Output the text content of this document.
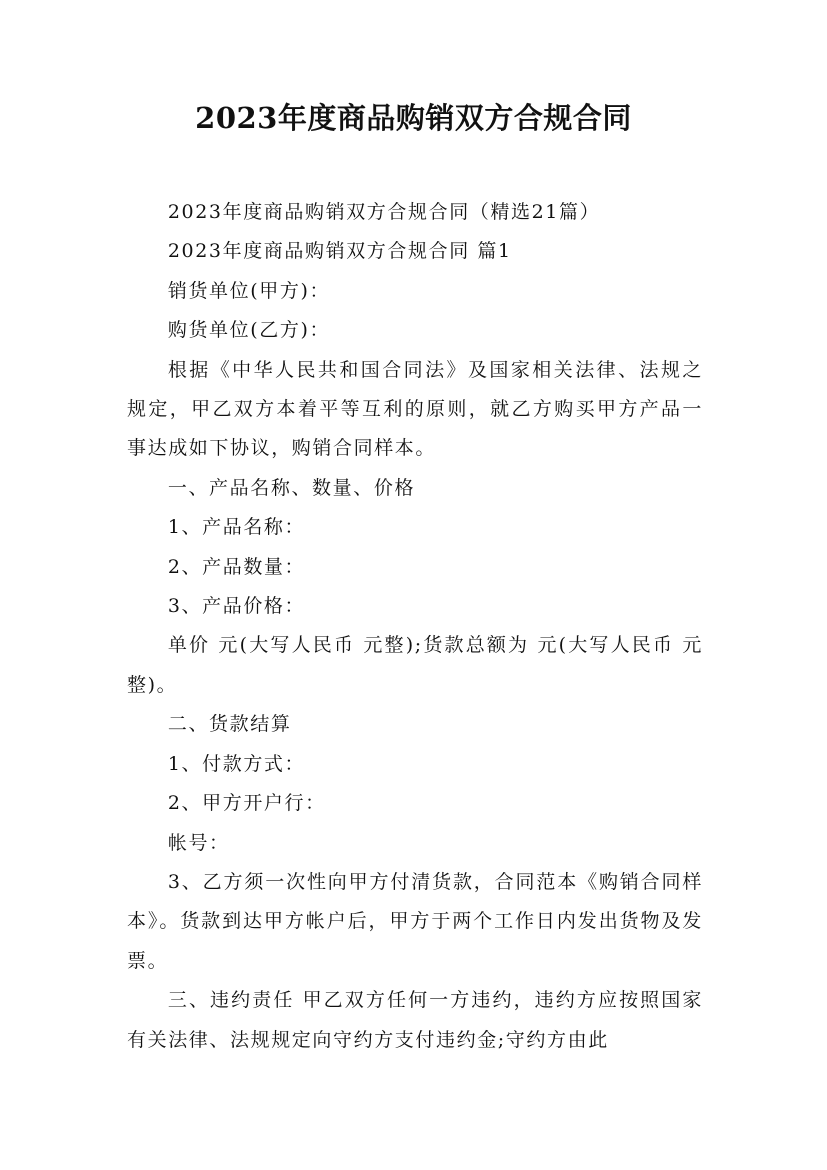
2023年度商品购销双方合规合同

2023年度商品购销双方合规合同（精选21篇）

2023年度商品购销双方合规合同 篇1

销货单位(甲方)：

购货单位(乙方)：

根据《中华人民共和国合同法》及国家相关法律、法规之规定，甲乙双方本着平等互利的原则，就乙方购买甲方产品一事达成如下协议，购销合同样本。

一、产品名称、数量、价格

1、产品名称：

2、产品数量：

3、产品价格：

单价 元(大写人民币 元整);货款总额为 元(大写人民币 元整)。

二、货款结算

1、付款方式：

2、甲方开户行：

帐号：

3、乙方须一次性向甲方付清货款，合同范本《购销合同样本》。货款到达甲方帐户后，甲方于两个工作日内发出货物及发票。

三、违约责任 甲乙双方任何一方违约，违约方应按照国家有关法律、法规规定向守约方支付违约金;守约方由此
